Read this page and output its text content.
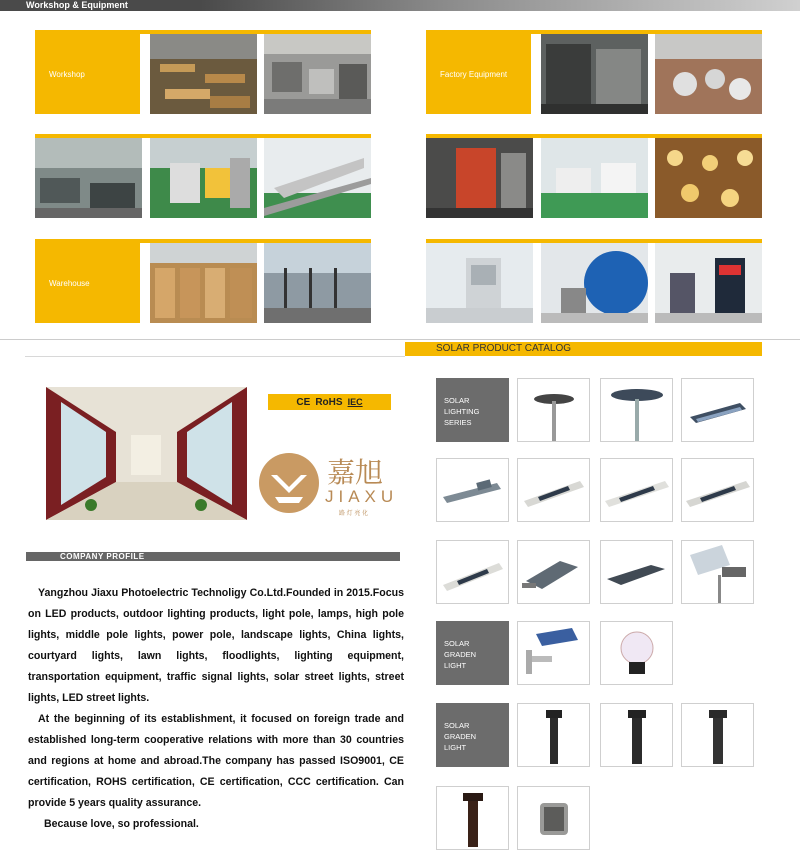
Workshop & Equipment
Workshop
Warehouse
Factory Equipment
SOLAR PRODUCT CATALOG
CE RoHS IEC
嘉旭
JIAXU
路 灯 亮 化
COMPANY PROFILE

Yangzhou Jiaxu Photoelectric Technoligy Co.Ltd.Founded in 2015.Focus on LED products, outdoor lighting products, light pole, lamps, high pole lights, middle pole lights, power pole, landscape lights, China lights, courtyard lights, lawn lights, floodlights, lighting equipment, transportation equipment, traffic signal lights, solar street lights, street lights, LED street lights.

At the beginning of its establishment, it focused on foreign trade and established long-term cooperative relations with more than 30 countries and regions at home and abroad.The company has passed ISO9001, CE certification, ROHS certification, CE certification, CCC certification. Can provide 5 years quality assurance.

Because love, so professional.

SOLAR
LIGHTING
SERIES
SOLAR
GRADEN
LIGHT
SOLAR
GRADEN
LIGHT
